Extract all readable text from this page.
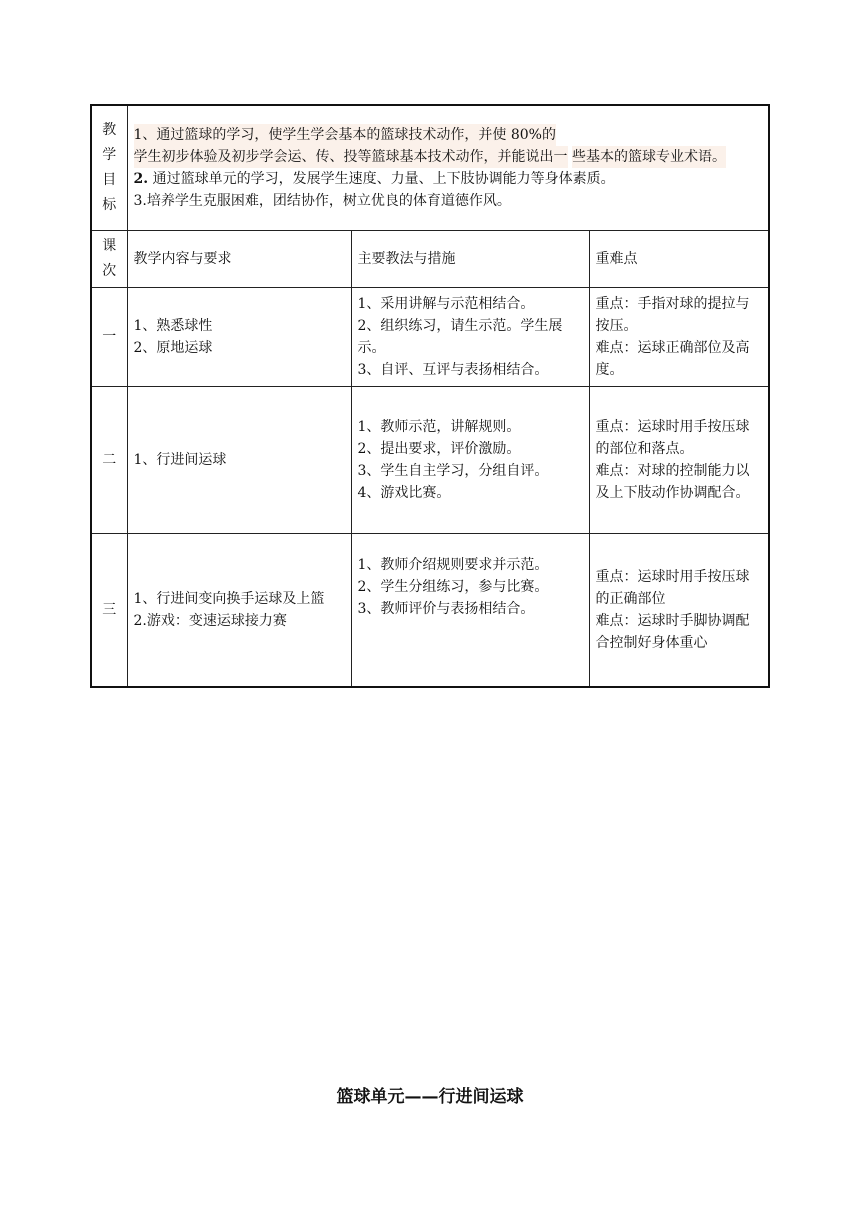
教
学
目
标	1、通过篮球的学习，使学生学会基本的篮球技术动作，并使 80%的 学生初步体验及初步学会运、传、投等篮球基本技术动作，并能说出一 些基本的篮球专业术语。
2. 通过篮球单元的学习，发展学生速度、力量、上下肢协调能力等身体素质。
3.培养学生克服困难，团结协作，树立优良的体育道德作风。		

课
次	教学内容与要求	主要教法与措施	重难点
一	1、熟悉球性
2、原地运球	1、采用讲解与示范相结合。
2、组织练习，请生示范。学生展示。
3、自评、互评与表扬相结合。	重点：手指对球的提拉与按压。
难点：运球正确部位及高度。

二	1、行进间运球	1、教师示范，讲解规则。
2、提出要求，评价激励。
3、学生自主学习，分组自评。
4、游戏比赛。	重点：运球时用手按压球的部位和落点。
难点：对球的控制能力以及上下肢动作协调配合。

三	1、行进间变向换手运球及上篮
2.游戏：变速运球接力赛	1、教师介绍规则要求并示范。
2、学生分组练习，参与比赛。
3、教师评价与表扬相结合。	重点：运球时用手按压球的正确部位
难点：运球时手脚协调配合控制好身体重心
篮球单元——行进间运球
